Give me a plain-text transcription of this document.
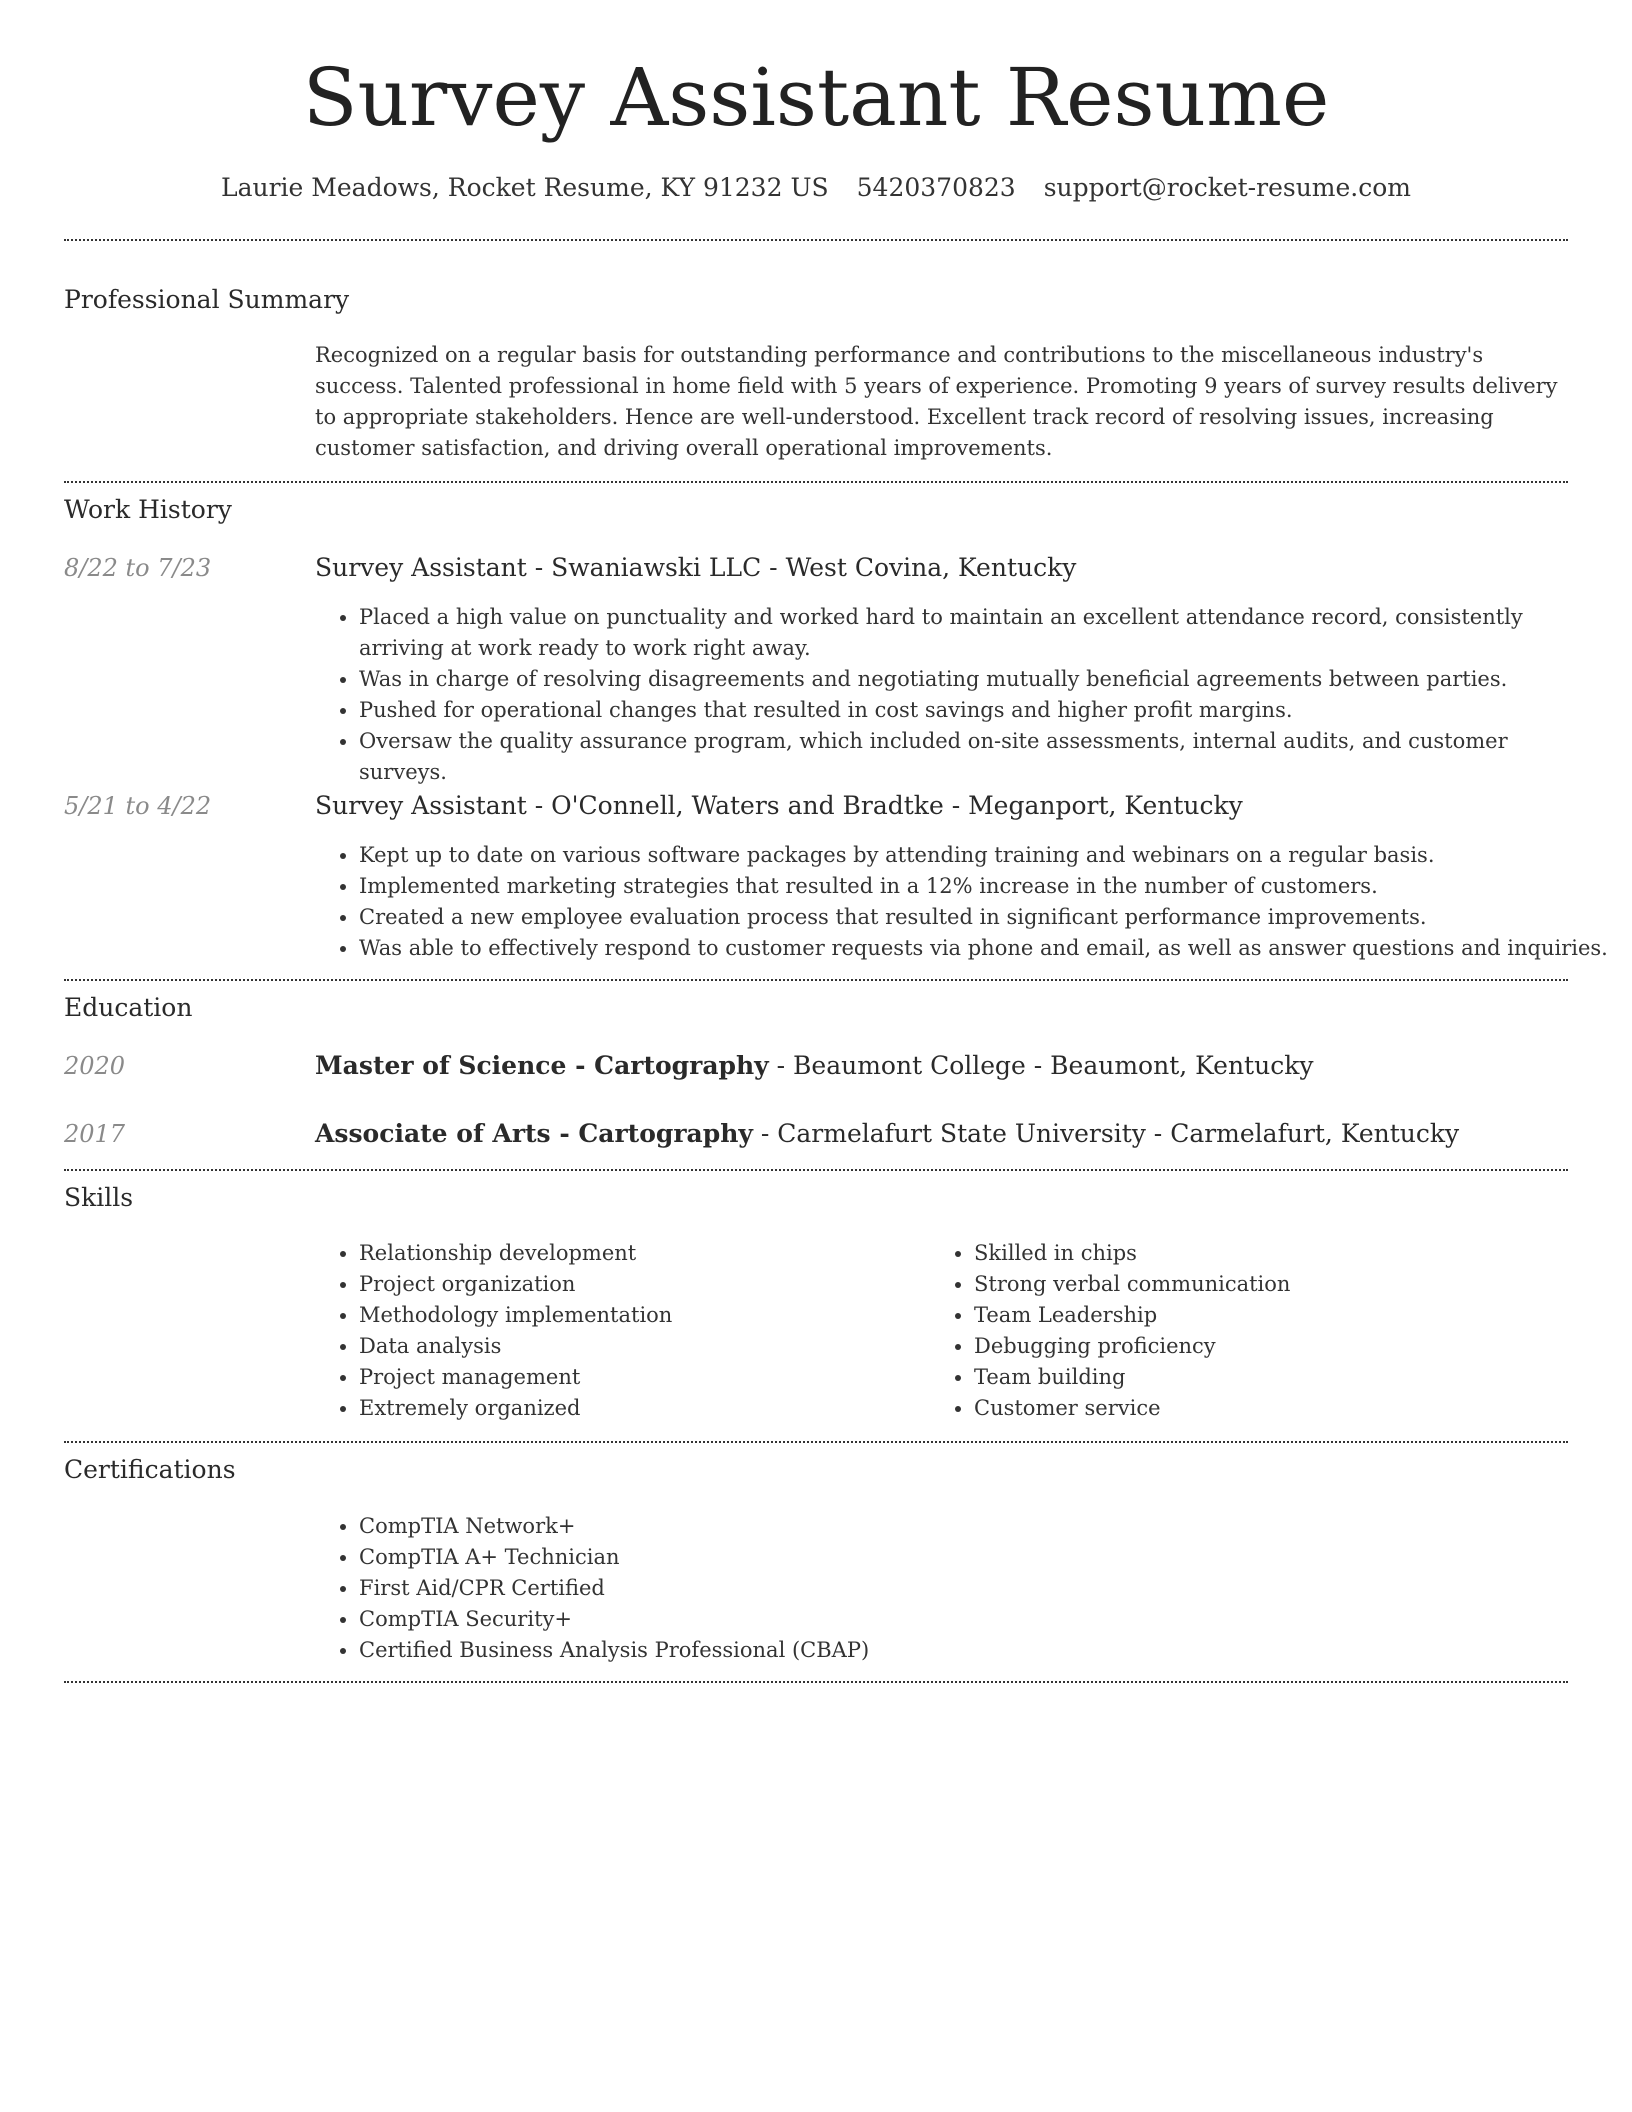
Survey Assistant Resume
Laurie Meadows, Rocket Resume, KY 91232 US 5420370823 support@rocket-resume.com
Professional Summary
Recognized on a regular basis for outstanding performance and contributions to the miscellaneous industry's success. Talented professional in home field with 5 years of experience. Promoting 9 years of survey results delivery to appropriate stakeholders. Hence are well-understood. Excellent track record of resolving issues, increasing customer satisfaction, and driving overall operational improvements.
Work History
8/22 to 7/23	Survey Assistant - Swaniawski LLC - West Covina, Kentucky
• Placed a high value on punctuality and worked hard to maintain an excellent attendance record, consistently arriving at work ready to work right away.
• Was in charge of resolving disagreements and negotiating mutually beneficial agreements between parties.
• Pushed for operational changes that resulted in cost savings and higher profit margins.
• Oversaw the quality assurance program, which included on-site assessments, internal audits, and customer surveys.
5/21 to 4/22	Survey Assistant - O'Connell, Waters and Bradtke - Meganport, Kentucky
• Kept up to date on various software packages by attending training and webinars on a regular basis.
• Implemented marketing strategies that resulted in a 12% increase in the number of customers.
• Created a new employee evaluation process that resulted in significant performance improvements.
• Was able to effectively respond to customer requests via phone and email, as well as answer questions and inquiries.
Education
2020	Master of Science - Cartography - Beaumont College - Beaumont, Kentucky
2017	Associate of Arts - Cartography - Carmelafurt State University - Carmelafurt, Kentucky
Skills
• Relationship development
• Project organization
• Methodology implementation
• Data analysis
• Project management
• Extremely organized
• Skilled in chips
• Strong verbal communication
• Team Leadership
• Debugging proficiency
• Team building
• Customer service
Certifications
• CompTIA Network+
• CompTIA A+ Technician
• First Aid/CPR Certified
• CompTIA Security+
• Certified Business Analysis Professional (CBAP)
